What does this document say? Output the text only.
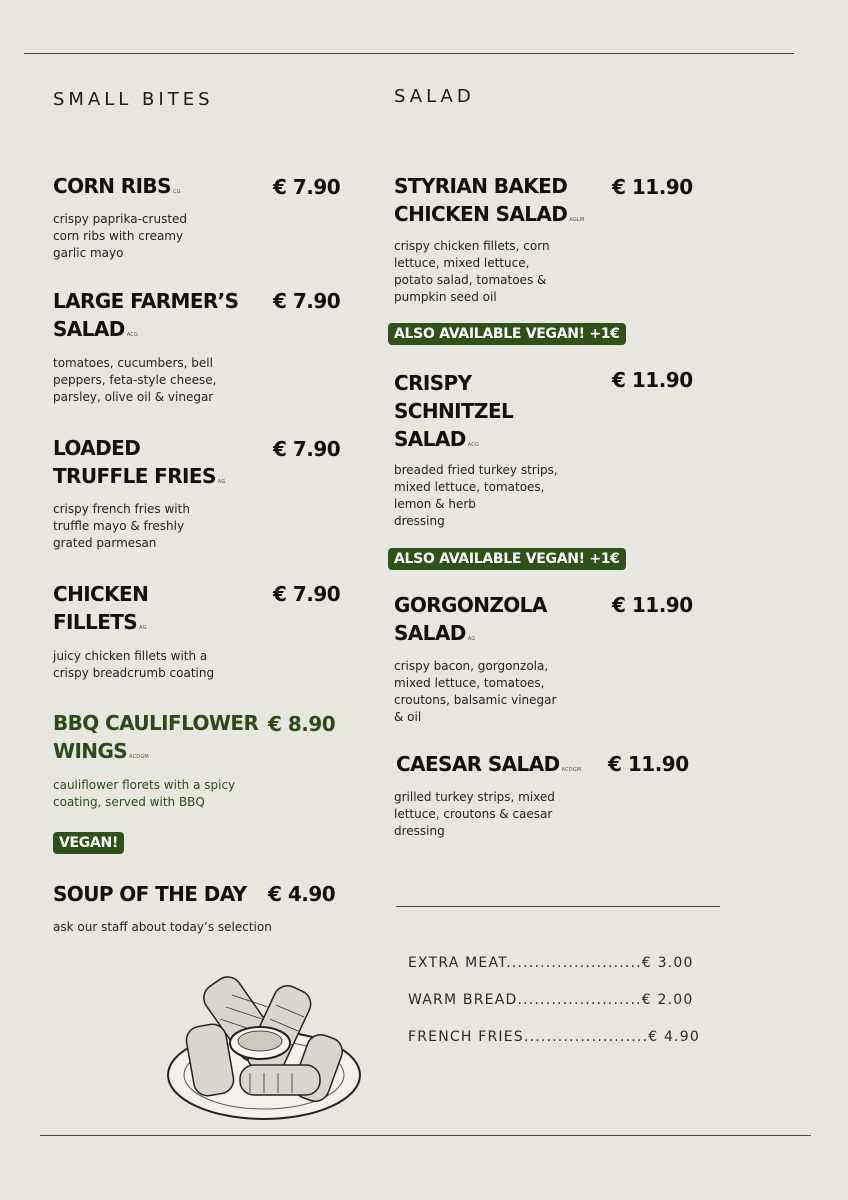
SMALL BITES	SALAD
CORN RIBS CG	€ 7.90
crispy paprika-crusted
corn ribs with creamy
garlic mayo
LARGE FARMER’S
SALAD ACG
€ 7.90
tomatoes, cucumbers, bell
peppers, feta-style cheese,
parsley, olive oil & vinegar
LOADED
TRUFFLE FRIES AG
€ 7.90
crispy french fries with
truffle mayo & freshly
grated parmesan
CHICKEN
FILLETS AG
€ 7.90
juicy chicken fillets with a
crispy breadcrumb coating
BBQ CAULIFLOWER
WINGS ACDGM
€ 8.90
cauliflower florets with a spicy
coating, served with BBQ
VEGAN!
SOUP OF THE DAY € 4.90
ask our staff about today’s selection
STYRIAN BAKED
CHICKEN SALAD AGLM
€ 11.90
crispy chicken fillets, corn
lettuce, mixed lettuce,
potato salad, tomatoes &
pumpkin seed oil
ALSO AVAILABLE VEGAN! +1€
CRISPY
SCHNITZEL
SALAD ACG
€ 11.90
breaded fried turkey strips,
mixed lettuce, tomatoes,
lemon & herb
dressing
ALSO AVAILABLE VEGAN! +1€
GORGONZOLA
SALAD AG
€ 11.90
crispy bacon, gorgonzola,
mixed lettuce, tomatoes,
croutons, balsamic vinegar
& oil
CAESAR SALAD ACDGM € 11.90
grilled turkey strips, mixed
lettuce, croutons & caesar
dressing
EXTRA MEAT........................€ 3.00
WARM BREAD......................€ 2.00
FRENCH FRIES......................€ 4.90
